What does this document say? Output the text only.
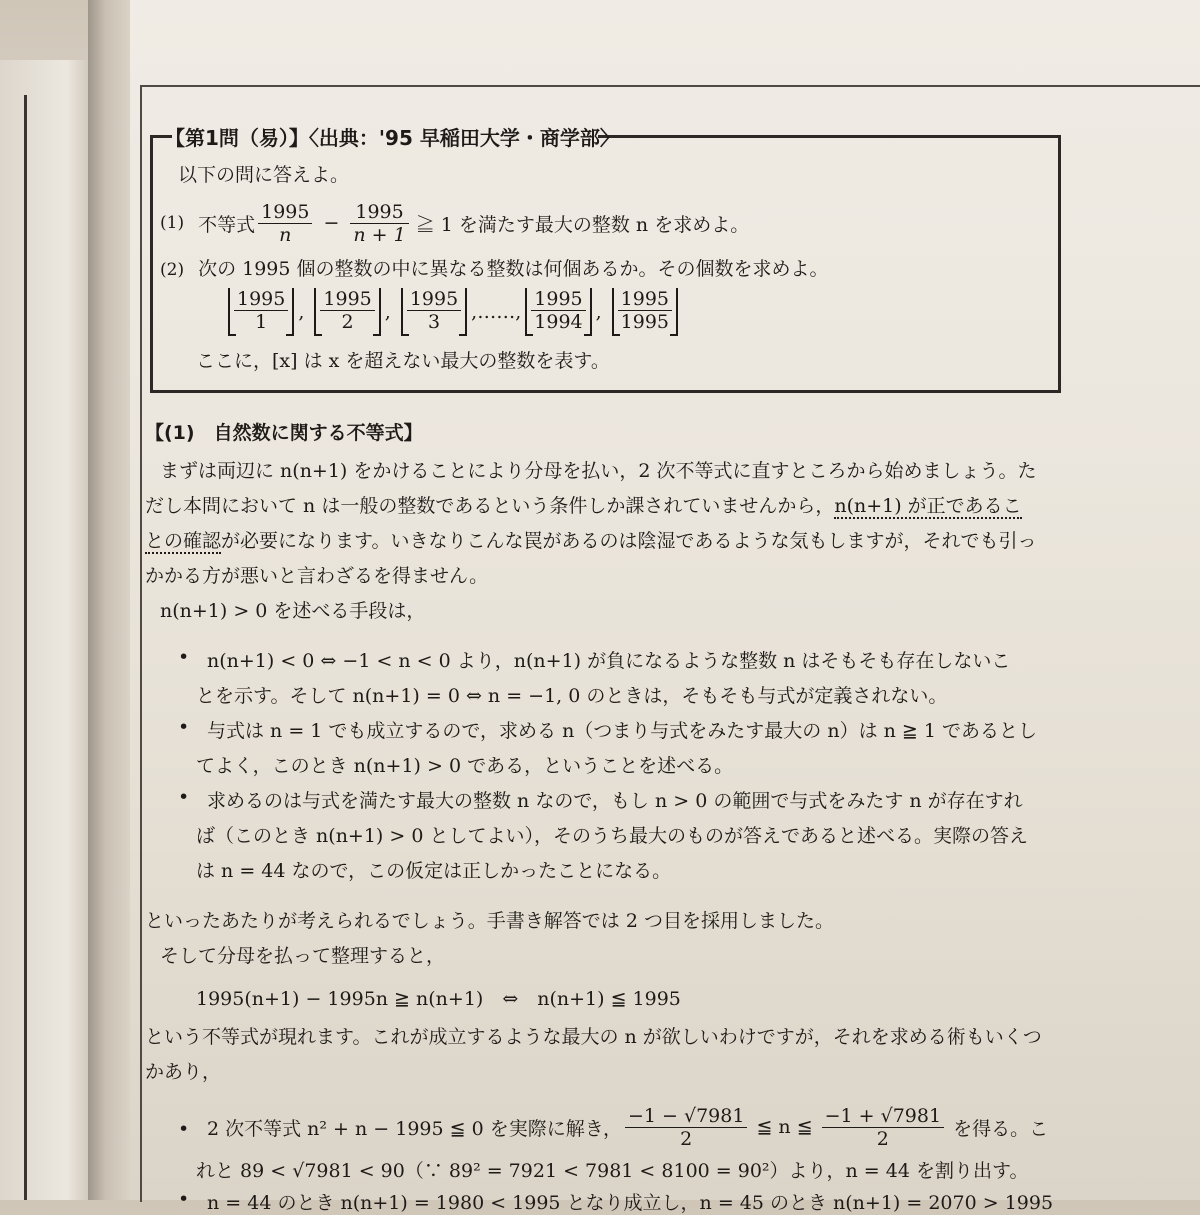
【第1問（易）】〈出典：'95 早稲田大学・商学部〉
以下の問に答えよ。
(1) 不等式 $\frac{1995}{n} - \frac{1995}{n + 1}$ ≧ 1 を満たす最大の整数 n を求めよ。
(2) 次の 1995 個の整数の中に異なる整数は何個あるか。その個数を求めよ。
$\frac{1995}{1}$ , $\frac{1995}{2}$ , $\frac{1995}{3}$ ,……, $\frac{1995}{1994}$ , $\frac{1995}{1995}$
ここに，[x] は x を超えない最大の整数を表す。
【(1)　自然数に関する不等式】
まずは両辺に n(n+1) をかけることにより分母を払い，2 次不等式に直すところから始めましょう。た
だし本問において n は一般の整数であるという条件しか課されていませんから，n(n+1) が正であるこ
との確認が必要になります。いきなりこんな罠があるのは陰湿であるような気もしますが，それでも引っ
かかる方が悪いと言わざるを得ません。
n(n+1) > 0 を述べる手段は，
• n(n+1) < 0 ⇔ −1 < n < 0 より，n(n+1) が負になるような整数 n はそもそも存在しないこ
とを示す。そして n(n+1) = 0 ⇔ n = −1, 0 のときは，そもそも与式が定義されない。
• 与式は n = 1 でも成立するので，求める n（つまり与式をみたす最大の n）は n ≧ 1 であるとし
てよく，このとき n(n+1) > 0 である，ということを述べる。
• 求めるのは与式を満たす最大の整数 n なので，もし n > 0 の範囲で与式をみたす n が存在すれ
ば（このとき n(n+1) > 0 としてよい），そのうち最大のものが答えであると述べる。実際の答え
は n = 44 なので，この仮定は正しかったことになる。
といったあたりが考えられるでしょう。手書き解答では 2 つ目を採用しました。
そして分母を払って整理すると，
1995(n+1) − 1995n ≧ n(n+1)　⇔　n(n+1) ≦ 1995
という不等式が現れます。これが成立するような最大の n が欲しいわけですが，それを求める術もいくつ
かあり，
• 2 次不等式 n² + n − 1995 ≦ 0 を実際に解き， $\frac{-1 - √7981}{2}$ ≦ n ≦ $\frac{-1 + √7981}{2}$ を得る。こ
れと 89 < √7981 < 90（∵ 89² = 7921 < 7981 < 8100 = 90²）より，n = 44 を割り出す。
• n = 44 のとき n(n+1) = 1980 < 1995 となり成立し，n = 45 のとき n(n+1) = 2070 > 1995
